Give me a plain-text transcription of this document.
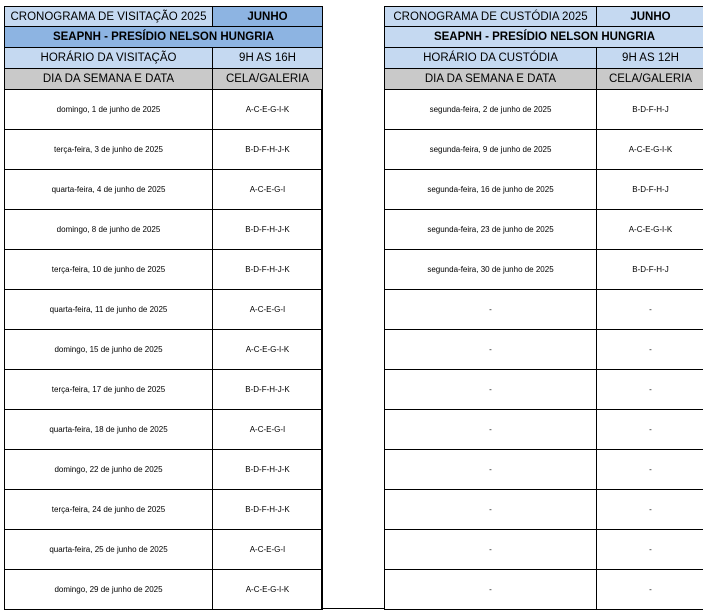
CRONOGRAMA DE VISITAÇÃO 2025	JUNHO
SEAPNH - PRESÍDIO NELSON HUNGRIA	
HORÁRIO DA VISITAÇÃO	9H AS 16H
DIA DA SEMANA E DATA	CELA/GALERIA
domingo, 1 de junho de 2025	A-C-E-G-I-K
terça-feira, 3 de junho de 2025	B-D-F-H-J-K
quarta-feira, 4 de junho de 2025	A-C-E-G-I
domingo, 8 de junho de 2025	B-D-F-H-J-K
terça-feira, 10 de junho de 2025	B-D-F-H-J-K
quarta-feira, 11 de junho de 2025	A-C-E-G-I
domingo, 15 de junho de 2025	A-C-E-G-I-K
terça-feira, 17 de junho de 2025	B-D-F-H-J-K
quarta-feira, 18 de junho de 2025	A-C-E-G-I
domingo, 22 de junho de 2025	B-D-F-H-J-K
terça-feira, 24 de junho de 2025	B-D-F-H-J-K
quarta-feira, 25 de junho de 2025	A-C-E-G-I
domingo, 29 de junho de 2025	A-C-E-G-I-K
CRONOGRAMA DE CUSTÓDIA 2025	JUNHO
SEAPNH - PRESÍDIO NELSON HUNGRIA	
HORÁRIO DA CUSTÓDIA	9H AS 12H
DIA DA SEMANA E DATA	CELA/GALERIA
segunda-feira, 2 de junho de 2025	B-D-F-H-J
segunda-feira, 9 de junho de 2025	A-C-E-G-I-K
segunda-feira, 16 de junho de 2025	B-D-F-H-J
segunda-feira, 23 de junho de 2025	A-C-E-G-I-K
segunda-feira, 30 de junho de 2025	B-D-F-H-J
-	-
-	-
-	-
-	-
-	-
-	-
-	-
-	-
